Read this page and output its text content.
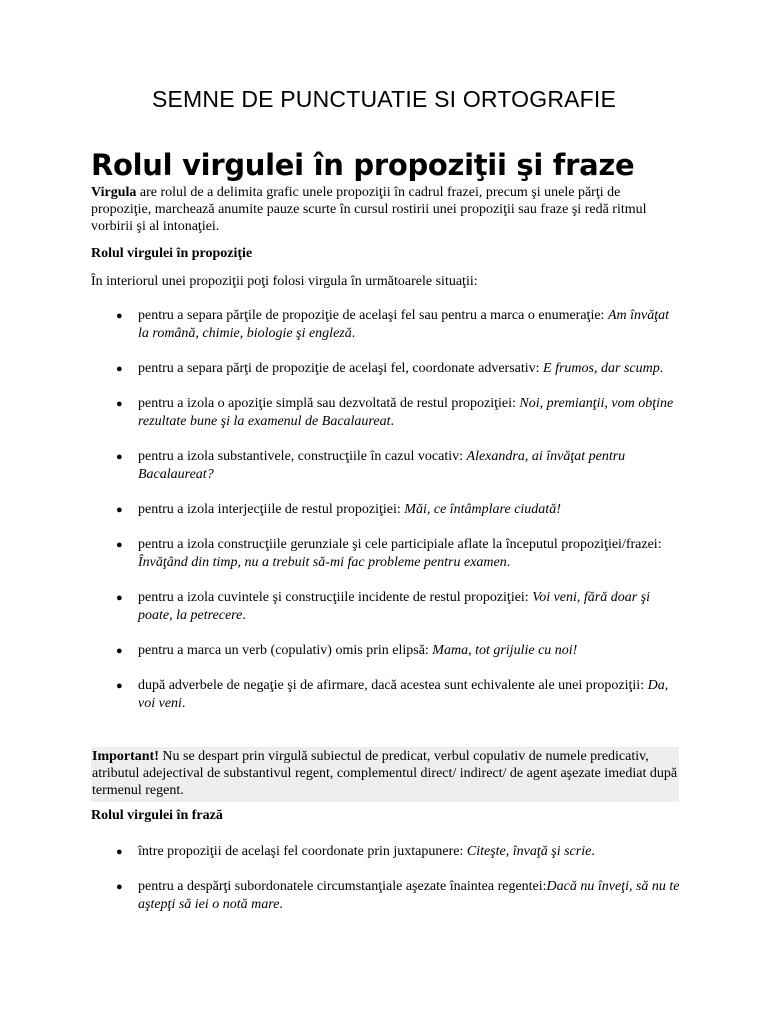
SEMNE DE PUNCTUATIE SI ORTOGRAFIE
Rolul virgulei în propoziţii şi fraze

Virgula are rolul de a delimita grafic unele propoziţii în cadrul frazei, precum şi unele părţi de propoziţie, marchează anumite pauze scurte în cursul rostirii unei propoziţii sau fraze şi redă ritmul vorbirii şi al intonaţiei.

Rolul virgulei în propoziţie

În interiorul unei propoziţii poţi folosi virgula în următoarele situaţii:

● pentru a separa părţile de propoziţie de acelaşi fel sau pentru a marca o enumeraţie: Am învăţat la română, chimie, biologie şi engleză.
● pentru a separa părţi de propoziţie de acelaşi fel, coordonate adversativ: E frumos, dar scump.
● pentru a izola o apoziţie simplă sau dezvoltată de restul propoziţiei: Noi, premianţii, vom obţine rezultate bune şi la examenul de Bacalaureat.
● pentru a izola substantivele, construcţiile în cazul vocativ: Alexandra, ai învăţat pentru Bacalaureat?
● pentru a izola interjecţiile de restul propoziţiei: Măi, ce întâmplare ciudată!
● pentru a izola construcţiile gerunziale şi cele participiale aflate la începutul propoziţiei/frazei: Învăţând din timp, nu a trebuit să-mi fac probleme pentru examen.
● pentru a izola cuvintele şi construcţiile incidente de restul propoziţiei: Voi veni, fără doar şi poate, la petrecere.
● pentru a marca un verb (copulativ) omis prin elipsă: Mama, tot grijulie cu noi!
● după adverbele de negaţie şi de afirmare, dacă acestea sunt echivalente ale unei propoziţii: Da, voi veni.

Important! Nu se despart prin virgulă subiectul de predicat, verbul copulativ de numele predicativ, atributul adejectival de substantivul regent, complementul direct/ indirect/ de agent aşezate imediat după termenul regent.

Rolul virgulei în frază

● între propoziţii de acelaşi fel coordonate prin juxtapunere: Citeşte, învaţă şi scrie.
● pentru a despărţi subordonatele circumstanţiale aşezate înaintea regentei:Dacă nu înveţi, să nu te aştepţi să iei o notă mare.
